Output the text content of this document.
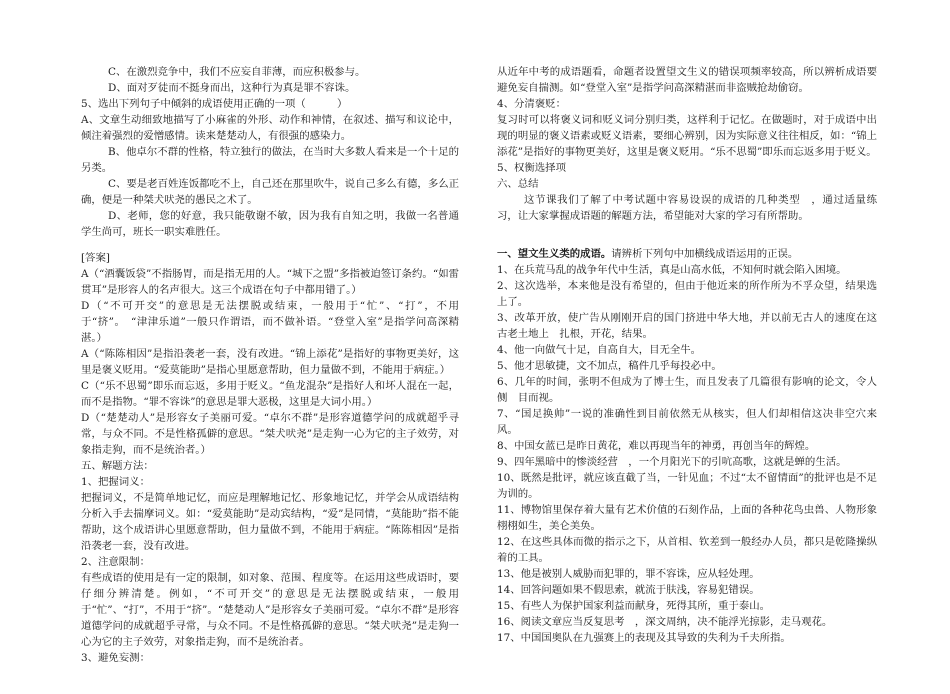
C、在激烈竞争中，我们不应妄自菲薄，而应积极参与。

D、面对歹徒而不挺身而出，这种行为真是罪不容诛。

5、选出下列句子中倾斜的成语使用正确的一项（　　　）

A、文章生动细致地描写了小麻雀的外形、动作和神情，在叙述、描写和议论中，倾注着强烈的爱憎感情。读来楚楚动人，有很强的感染力。

B、他卓尔不群的性格，特立独行的做法，在当时大多数人看来是一个十足的另类。

C、要是老百姓连饭都吃不上，自己还在那里吹牛，说自己多么有德，多么正确，便是一种桀犬吠尧的愚民之术了。

D、老师，您的好意，我只能敬谢不敏，因为我有自知之明，我做一名普通学生尚可，班长一职实难胜任。

[答案]

A（“酒囊饭袋”不指肠胃，而是指无用的人。“城下之盟”多指被迫签订条约。“如雷贯耳”是形容人的名声很大。这三个成语在句子中都用错了。）

D（“不可开交”的意思是无法摆脱或结束，一般用于“忙”、“打”，不用于“挤”。　“津津乐道”一般只作谓语，而不做补语。“登堂入室”是指学问高深精湛。）

A（“陈陈相因”是指沿袭老一套，没有改进。“锦上添花”是指好的事物更美好，这里是褒义贬用。“爱莫能助”是指心里愿意帮助，但力量做不到，不能用于病症。）

C（“乐不思蜀”即乐而忘返，多用于贬义。“鱼龙混杂”是指好人和坏人混在一起，而不是指物。“罪不容诛”的意思是罪大恶极，这里是大词小用。）

D（“楚楚动人”是形容女子美丽可爱。“卓尔不群”是形容道德学问的成就超乎寻常，与众不同。不是性格孤僻的意思。“桀犬吠尧”是走狗一心为它的主子效劳，对象指走狗，而不是统治者。）

五、解题方法：

1、把握词义：

把握词义，不是简单地记忆，而应是理解地记忆、形象地记忆，并学会从成语结构分析入手去揣摩词义。如：“爱莫能助”是动宾结构，“爱”是同情，“莫能助”指不能帮助，这个成语讲心里愿意帮助，但力量做不到，不能用于病症。“陈陈相因”是指沿袭老一套，没有改进。

2、注意限制：

有些成语的使用是有一定的限制，如对象、范围、程度等。在运用这些成语时，要仔细分辨清楚。例如，“不可开交”的意思是无法摆脱或结束，一般用于“忙”、“打”，不用于“挤”。“楚楚动人”是形容女子美丽可爱。“卓尔不群”是形容道德学问的成就超乎寻常，与众不同。不是性格孤僻的意思。“桀犬吠尧”是走狗一心为它的主子效劳，对象指走狗，而不是统治者。

3、避免妄测：

从近年中考的成语题看，命题者设置望文生义的错误项频率较高，所以辨析成语要避免妄自揣测。如“登堂入室”是指学问高深精湛而非盗贼抢劫偷窃。

4、分清褒贬：

复习时可以将褒义词和贬义词分别归类，这样利于记忆。在做题时，对于成语中出现的明显的褒义语素或贬义语素，要细心辨别，因为实际意义往往相反，如：“锦上添花”是指好的事物更美好，这里是褒义贬用。“乐不思蜀”即乐而忘返多用于贬义。

5、权衡选择项

六、总结

这节课我们了解了中考试题中容易设误的成语的几种类型　，通过适量练习，让大家掌握成语题的解题方法，希望能对大家的学习有所帮助。

一、望文生义类的成语。请辨析下列句中加横线成语运用的正误。

1、在兵荒马乱的战争年代中生活，真是山高水低，不知何时就会陷入困境。

2、这次选举，本来他是没有希望的，但由于他近来的所作所为不孚众望，结果选上了。

3、改革开放，使广告从刚刚开启的国门挤进中华大地，并以前无古人的速度在这古老土地上　扎根，开花，结果。

4、他一向做气十足，自高自大，目无全牛。

5、他才思敏捷，文不加点，稿件几乎每投必中。

6、几年的时间，张明不但成为了博士生，而且发表了几篇很有影响的论文，令人侧　目而视。

7、“国足换帅”一说的准确性到目前依然无从核实，但人们却相信这决非空穴来风。

8、中国女蓝已是昨日黄花，难以再现当年的神勇，再创当年的辉煌。

9、四年黑暗中的惨淡经营　，一个月阳光下的引吭高歌，这就是蝉的生活。

10、既然是批评，就应该直截了当，一针见血；不过“太不留情面”的批评也是不足为训的。

11、博物馆里保存着大量有艺术价值的石刻作品，上面的各种花鸟虫兽、人物形象栩栩如生，美仑美奂。

12、在这些具体而微的指示之下，从首相、钦差到一般经办人员，都只是乾隆操纵着的工具。

13、他是被别人威胁而犯罪的，罪不容诛，应从轻处理。

14、回答问题如果不假思索，就流于肤浅，容易犯错误。

15、有些人为保护国家利益而献身，死得其所，重于泰山。

16、阅读文章应当反复思考　，深文周纳，决不能浮光掠影，走马观花。

17、中国国奥队在九强赛上的表现及其导致的失利为千夫所指。
